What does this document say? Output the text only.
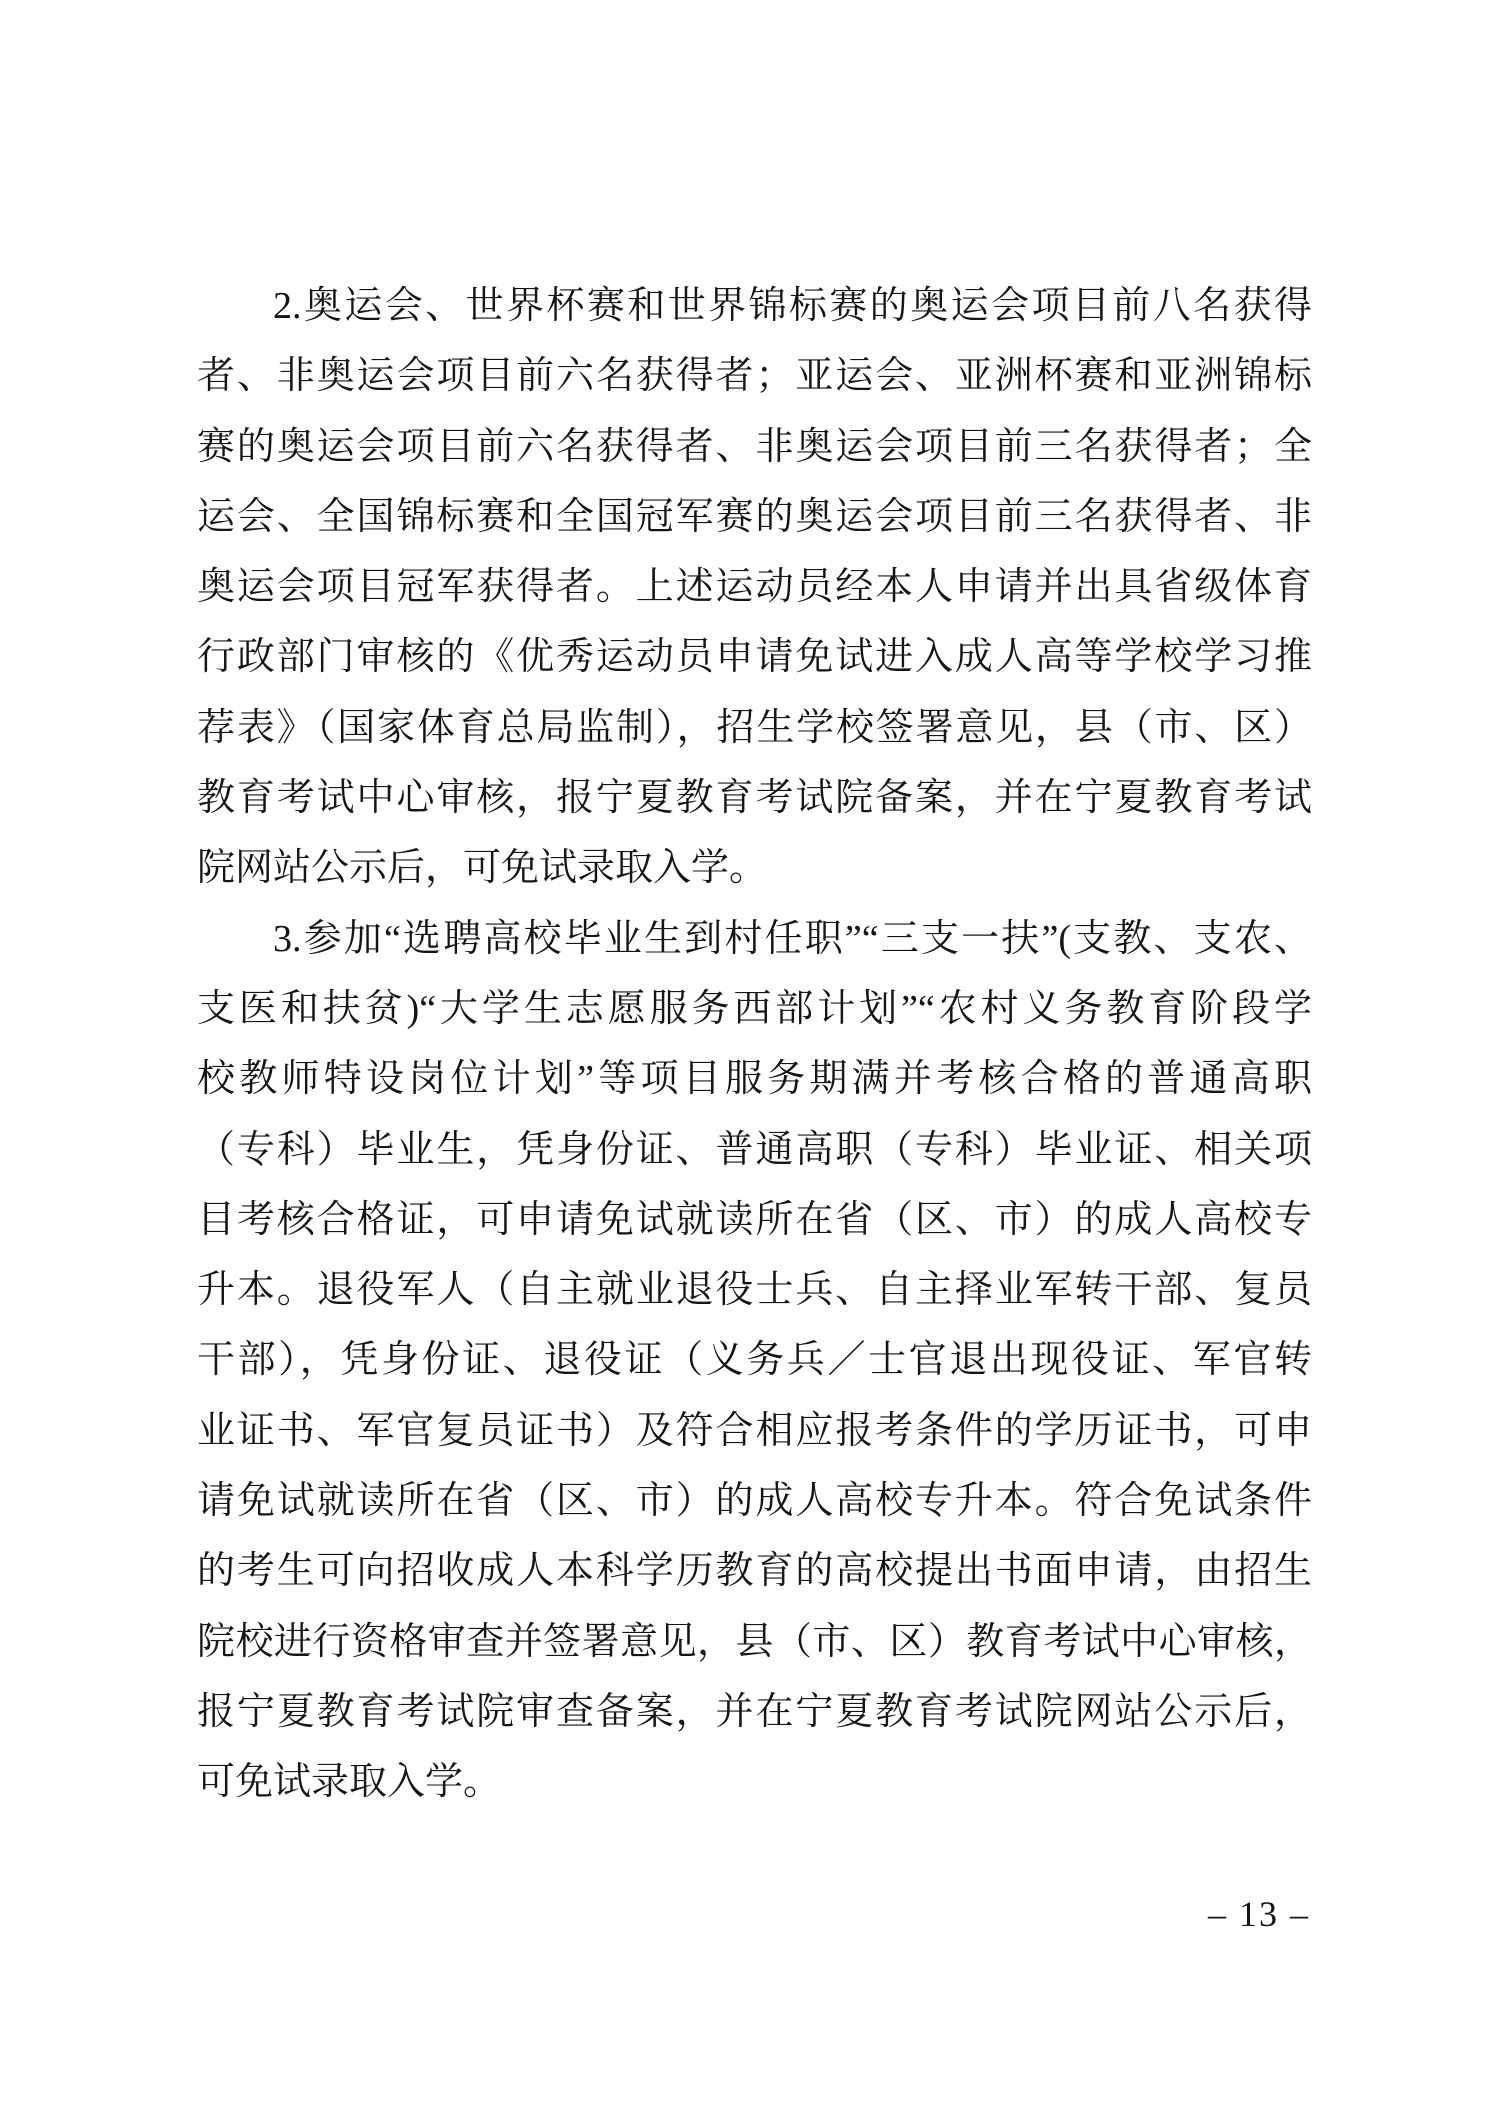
2.奥运会、世界杯赛和世界锦标赛的奥运会项目前八名获得
者、非奥运会项目前六名获得者；亚运会、亚洲杯赛和亚洲锦标
赛的奥运会项目前六名获得者、非奥运会项目前三名获得者；全
运会、全国锦标赛和全国冠军赛的奥运会项目前三名获得者、非
奥运会项目冠军获得者。上述运动员经本人申请并出具省级体育
行政部门审核的《优秀运动员申请免试进入成人高等学校学习推
荐表》（国家体育总局监制），招生学校签署意见，县（市、区）
教育考试中心审核，报宁夏教育考试院备案，并在宁夏教育考试
院网站公示后，可免试录取入学。
3.参加“选聘高校毕业生到村任职”“三支一扶”(支教、支农、
支医和扶贫)“大学生志愿服务西部计划”“农村义务教育阶段学
校教师特设岗位计划”等项目服务期满并考核合格的普通高职
（专科）毕业生，凭身份证、普通高职（专科）毕业证、相关项
目考核合格证，可申请免试就读所在省（区、市）的成人高校专
升本。退役军人（自主就业退役士兵、自主择业军转干部、复员
干部），凭身份证、退役证（义务兵／士官退出现役证、军官转
业证书、军官复员证书）及符合相应报考条件的学历证书，可申
请免试就读所在省（区、市）的成人高校专升本。符合免试条件
的考生可向招收成人本科学历教育的高校提出书面申请，由招生
院校进行资格审查并签署意见，县（市、区）教育考试中心审核，
报宁夏教育考试院审查备案，并在宁夏教育考试院网站公示后，
可免试录取入学。
– 13 –
